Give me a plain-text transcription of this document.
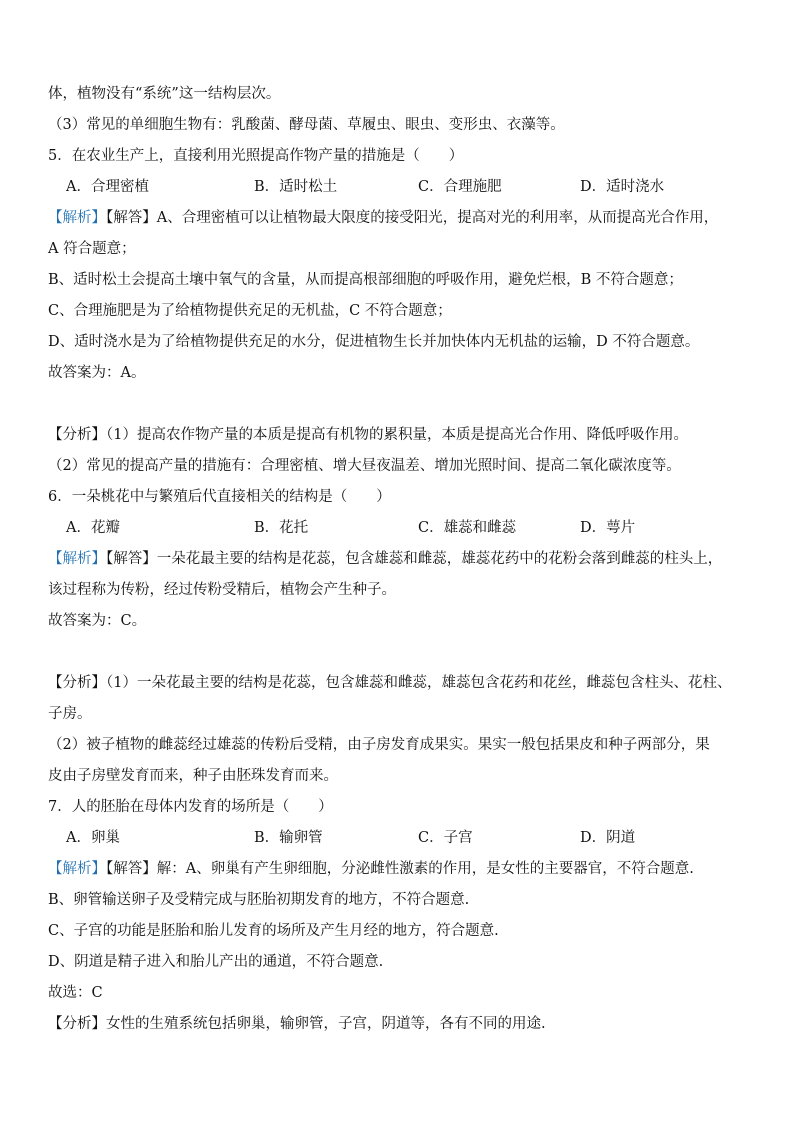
体，植物没有“系统”这一结构层次。
（3）常见的单细胞生物有：乳酸菌、酵母菌、草履虫、眼虫、变形虫、衣藻等。
5．在农业生产上，直接利用光照提高作物产量的措施是（　　）
A．合理密植	B．适时松土	C．合理施肥	D．适时浇水
【解析】【解答】A、合理密植可以让植物最大限度的接受阳光，提高对光的利用率，从而提高光合作用，
A 符合题意；
B、适时松土会提高土壤中氧气的含量，从而提高根部细胞的呼吸作用，避免烂根，B 不符合题意；
C、合理施肥是为了给植物提供充足的无机盐，C 不符合题意；
D、适时浇水是为了给植物提供充足的水分，促进植物生长并加快体内无机盐的运输，D 不符合题意。
故答案为：A。
【分析】（1）提高农作物产量的本质是提高有机物的累积量，本质是提高光合作用、降低呼吸作用。
（2）常见的提高产量的措施有：合理密植、增大昼夜温差、增加光照时间、提高二氧化碳浓度等。
6．一朵桃花中与繁殖后代直接相关的结构是（　　）
A．花瓣	B．花托	C．雄蕊和雌蕊	D．萼片
【解析】【解答】一朵花最主要的结构是花蕊，包含雄蕊和雌蕊，雄蕊花药中的花粉会落到雌蕊的柱头上，
该过程称为传粉，经过传粉受精后，植物会产生种子。
故答案为：C。
【分析】（1）一朵花最主要的结构是花蕊，包含雄蕊和雌蕊，雄蕊包含花药和花丝，雌蕊包含柱头、花柱、
子房。
（2）被子植物的雌蕊经过雄蕊的传粉后受精，由子房发育成果实。果实一般包括果皮和种子两部分，果
皮由子房壁发育而来，种子由胚珠发育而来。
7．人的胚胎在母体内发育的场所是（　　）
A．卵巢	B．输卵管	C．子宫	D．阴道
【解析】【解答】解：A、卵巢有产生卵细胞，分泌雌性激素的作用，是女性的主要器官，不符合题意.
B、卵管输送卵子及受精完成与胚胎初期发育的地方，不符合题意.
C、子宫的功能是胚胎和胎儿发育的场所及产生月经的地方，符合题意.
D、阴道是精子进入和胎儿产出的通道，不符合题意.
故选：C
【分析】女性的生殖系统包括卵巢，输卵管，子宫，阴道等，各有不同的用途.
